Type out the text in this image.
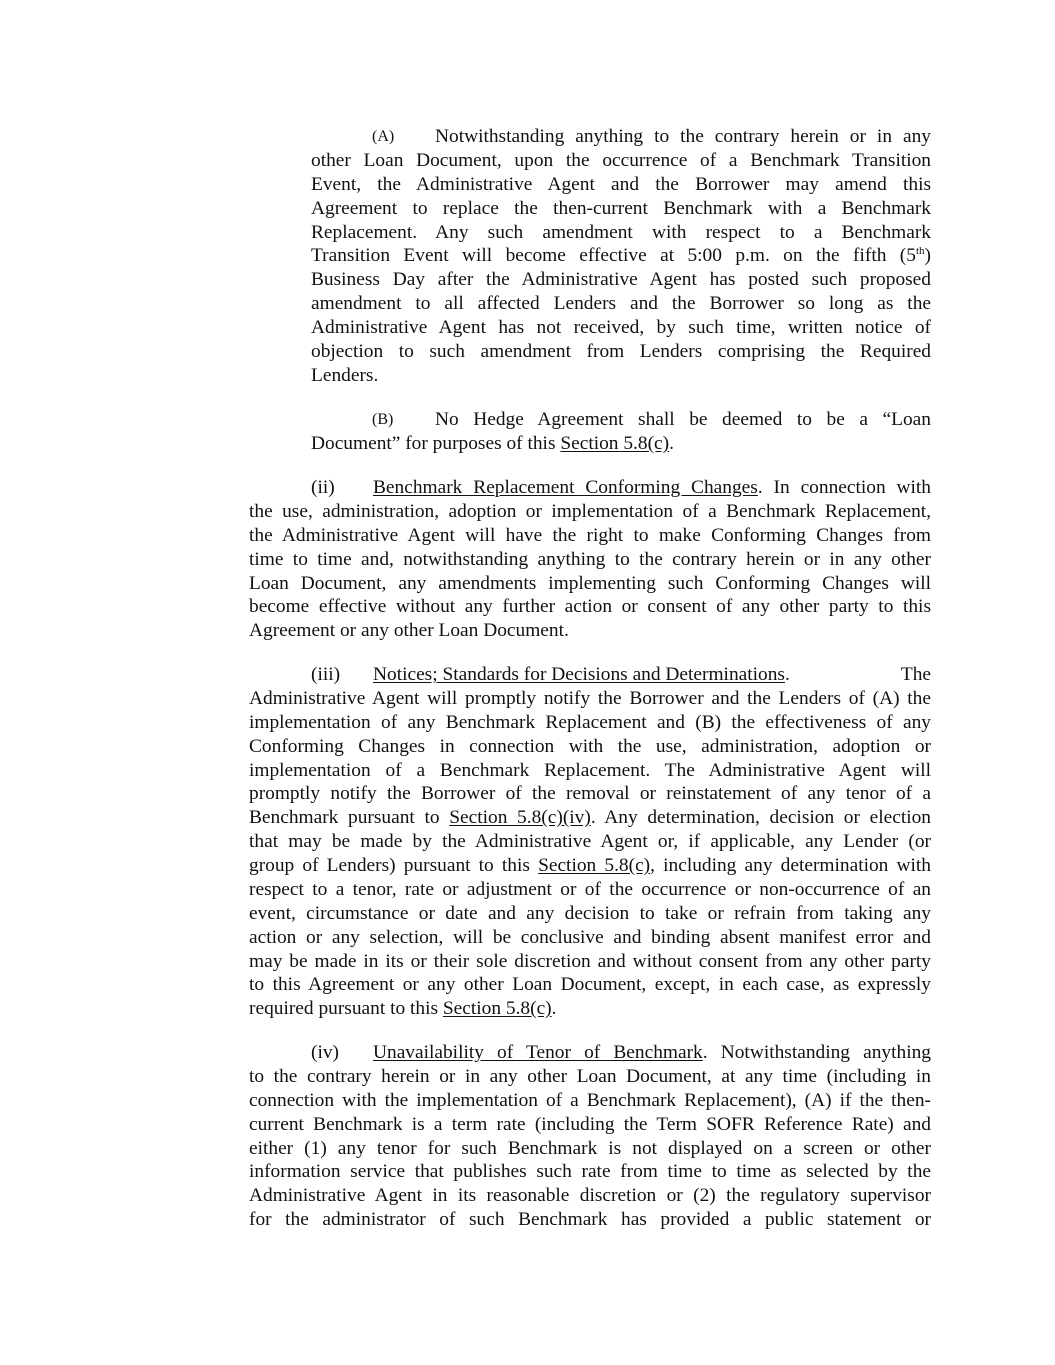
(A) Notwithstanding anything to the contrary herein or in any
other Loan Document, upon the occurrence of a Benchmark Transition
Event, the Administrative Agent and the Borrower may amend this
Agreement to replace the then-current Benchmark with a Benchmark
Replacement. Any such amendment with respect to a Benchmark
Transition Event will become effective at 5:00 p.m. on the fifth (5th)
Business Day after the Administrative Agent has posted such proposed
amendment to all affected Lenders and the Borrower so long as the
Administrative Agent has not received, by such time, written notice of
objection to such amendment from Lenders comprising the Required
Lenders.
(B) No Hedge Agreement shall be deemed to be a “Loan
Document” for purposes of this Section 5.8(c).
(ii) Benchmark Replacement Conforming Changes. In connection with
the use, administration, adoption or implementation of a Benchmark Replacement,
the Administrative Agent will have the right to make Conforming Changes from
time to time and, notwithstanding anything to the contrary herein or in any other
Loan Document, any amendments implementing such Conforming Changes will
become effective without any further action or consent of any other party to this
Agreement or any other Loan Document.
(iii) Notices; Standards for Decisions and Determinations.	The
Administrative Agent will promptly notify the Borrower and the Lenders of (A) the
implementation of any Benchmark Replacement and (B) the effectiveness of any
Conforming Changes in connection with the use, administration, adoption or
implementation of a Benchmark Replacement. The Administrative Agent will
promptly notify the Borrower of the removal or reinstatement of any tenor of a
Benchmark pursuant to Section 5.8(c)(iv). Any determination, decision or election
that may be made by the Administrative Agent or, if applicable, any Lender (or
group of Lenders) pursuant to this Section 5.8(c), including any determination with
respect to a tenor, rate or adjustment or of the occurrence or non-occurrence of an
event, circumstance or date and any decision to take or refrain from taking any
action or any selection, will be conclusive and binding absent manifest error and
may be made in its or their sole discretion and without consent from any other party
to this Agreement or any other Loan Document, except, in each case, as expressly
required pursuant to this Section 5.8(c).
(iv) Unavailability of Tenor of Benchmark. Notwithstanding anything
to the contrary herein or in any other Loan Document, at any time (including in
connection with the implementation of a Benchmark Replacement), (A) if the then-
current Benchmark is a term rate (including the Term SOFR Reference Rate) and
either (1) any tenor for such Benchmark is not displayed on a screen or other
information service that publishes such rate from time to time as selected by the
Administrative Agent in its reasonable discretion or (2) the regulatory supervisor
for the administrator of such Benchmark has provided a public statement or
